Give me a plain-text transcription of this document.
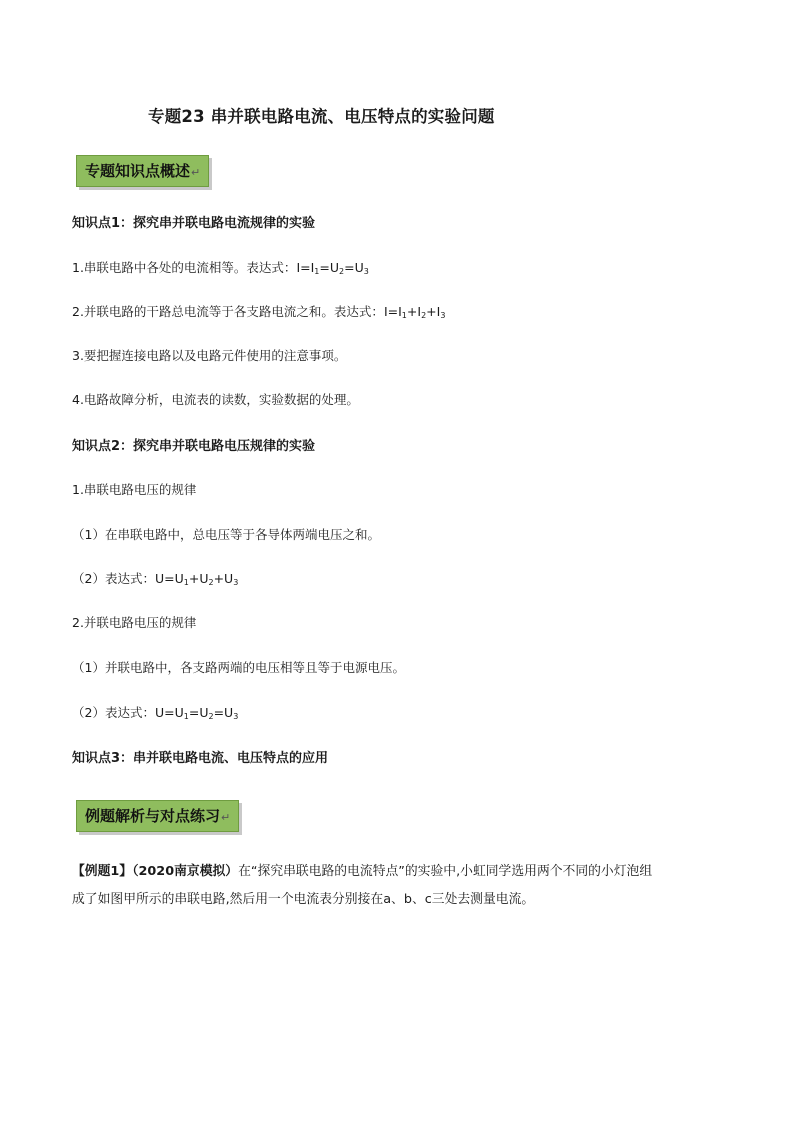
专题23 串并联电路电流、电压特点的实验问题
专题知识点概述↵
知识点1：探究串并联电路电流规律的实验
1.串联电路中各处的电流相等。表达式：$I=I_1=U_2=U_3$
2.并联电路的干路总电流等于各支路电流之和。表达式：$I=I_1+I_2+I_3$
3.要把握连接电路以及电路元件使用的注意事项。
4.电路故障分析，电流表的读数，实验数据的处理。
知识点2：探究串并联电路电压规律的实验
1.串联电路电压的规律
（1）在串联电路中，总电压等于各导体两端电压之和。
（2）表达式：$U=U_1+U_2+U_3$
2.并联电路电压的规律
（1）并联电路中，各支路两端的电压相等且等于电源电压。
（2）表达式：$U=U_1=U_2=U_3$
知识点3：串并联电路电流、电压特点的应用
例题解析与对点练习↵
【例题1】（2020南京模拟）在“探究串联电路的电流特点”的实验中,小虹同学选用两个不同的小灯泡组
成了如图甲所示的串联电路,然后用一个电流表分别接在a、b、c三处去测量电流。
